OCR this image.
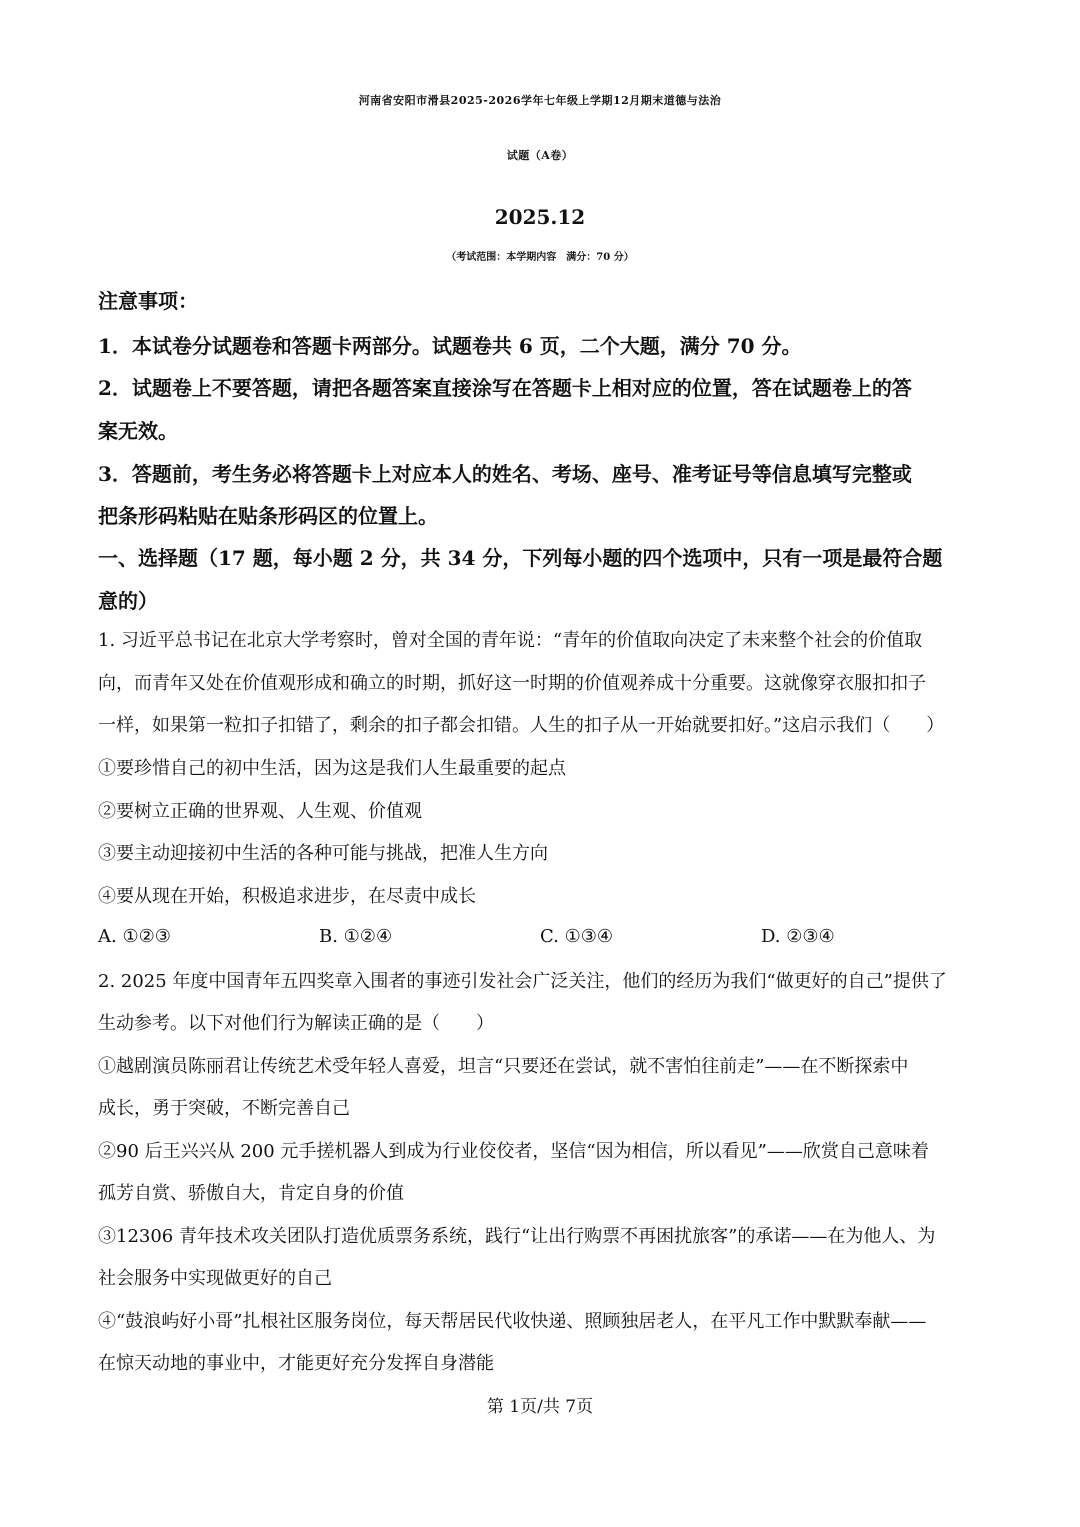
河南省安阳市滑县2025-2026学年七年级上学期12月期末道德与法治
试题（A卷）
2025.12
（考试范围：本学期内容　满分：70 分）
注意事项：
1．本试卷分试题卷和答题卡两部分。试题卷共 6 页，二个大题，满分 70 分。
2．试题卷上不要答题，请把各题答案直接涂写在答题卡上相对应的位置，答在试题卷上的答
案无效。
3．答题前，考生务必将答题卡上对应本人的姓名、考场、座号、准考证号等信息填写完整或
把条形码粘贴在贴条形码区的位置上。
一、选择题（17 题，每小题 2 分，共 34 分，下列每小题的四个选项中，只有一项是最符合题
意的）
1. 习近平总书记在北京大学考察时，曾对全国的青年说：“青年的价值取向决定了未来整个社会的价值取
向，而青年又处在价值观形成和确立的时期，抓好这一时期的价值观养成十分重要。这就像穿衣服扣扣子
一样，如果第一粒扣子扣错了，剩余的扣子都会扣错。人生的扣子从一开始就要扣好。”这启示我们（　　）
①要珍惜自己的初中生活，因为这是我们人生最重要的起点
②要树立正确的世界观、人生观、价值观
③要主动迎接初中生活的各种可能与挑战，把准人生方向
④要从现在开始，积极追求进步，在尽责中成长
A. ①②③	B. ①②④	C. ①③④	D. ②③④
2. 2025 年度中国青年五四奖章入围者的事迹引发社会广泛关注，他们的经历为我们“做更好的自己”提供了
生动参考。以下对他们行为解读正确的是（　　）
①越剧演员陈丽君让传统艺术受年轻人喜爱，坦言“只要还在尝试，就不害怕往前走”——在不断探索中
成长，勇于突破，不断完善自己
②90 后王兴兴从 200 元手搓机器人到成为行业佼佼者，坚信“因为相信，所以看见”——欣赏自己意味着
孤芳自赏、骄傲自大，肯定自身的价值
③12306 青年技术攻关团队打造优质票务系统，践行“让出行购票不再困扰旅客”的承诺——在为他人、为
社会服务中实现做更好的自己
④“鼓浪屿好小哥”扎根社区服务岗位，每天帮居民代收快递、照顾独居老人，在平凡工作中默默奉献——
在惊天动地的事业中，才能更好充分发挥自身潜能
第 1页/共 7页
